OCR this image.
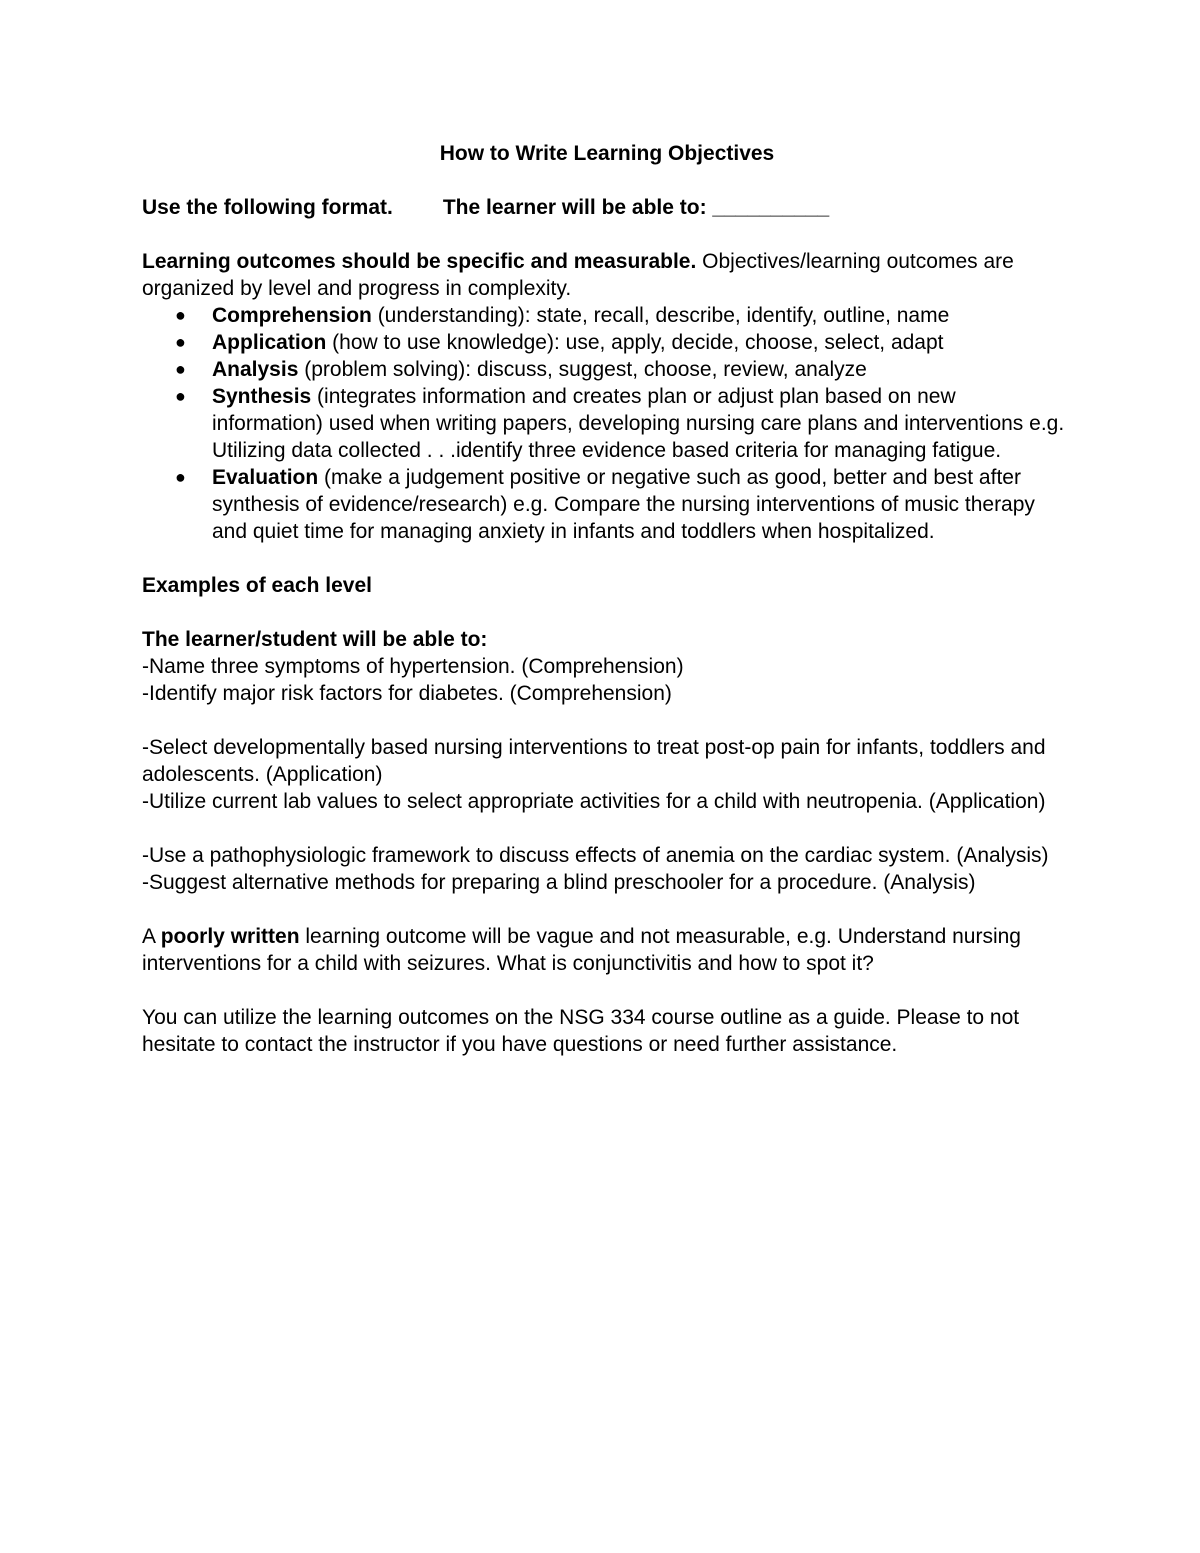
How to Write Learning Objectives

Use the following format. The learner will be able to: __________

Learning outcomes should be specific and measurable. Objectives/learning outcomes are organized by level and progress in complexity.

● Comprehension (understanding): state, recall, describe, identify, outline, name
● Application (how to use knowledge): use, apply, decide, choose, select, adapt
● Analysis (problem solving): discuss, suggest, choose, review, analyze
● Synthesis (integrates information and creates plan or adjust plan based on new information) used when writing papers, developing nursing care plans and interventions e.g. Utilizing data collected . . .identify three evidence based criteria for managing fatigue.
● Evaluation (make a judgement positive or negative such as good, better and best after synthesis of evidence/research) e.g. Compare the nursing interventions of music therapy and quiet time for managing anxiety in infants and toddlers when hospitalized.

Examples of each level

The learner/student will be able to:

-Name three symptoms of hypertension. (Comprehension)

-Identify major risk factors for diabetes. (Comprehension)

-Select developmentally based nursing interventions to treat post-op pain for infants, toddlers and adolescents. (Application)

-Utilize current lab values to select appropriate activities for a child with neutropenia. (Application)

-Use a pathophysiologic framework to discuss effects of anemia on the cardiac system. (Analysis)

-Suggest alternative methods for preparing a blind preschooler for a procedure. (Analysis)

A poorly written learning outcome will be vague and not measurable, e.g. Understand nursing interventions for a child with seizures. What is conjunctivitis and how to spot it?

You can utilize the learning outcomes on the NSG 334 course outline as a guide. Please to not hesitate to contact the instructor if you have questions or need further assistance.
